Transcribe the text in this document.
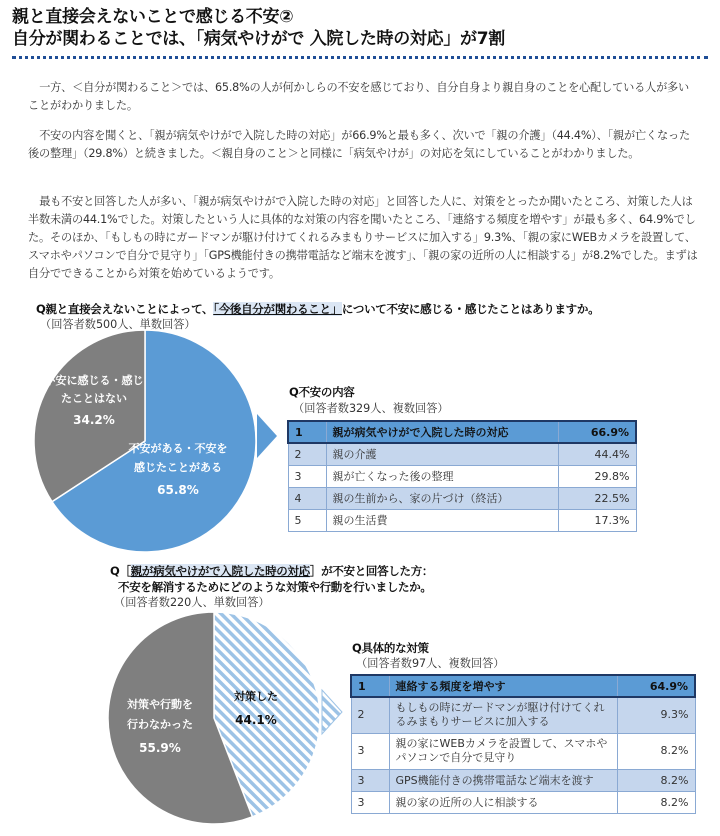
親と直接会えないことで感じる不安②
自分が関わることでは、「病気やけがで 入院した時の対応」が7割

一方、＜自分が関わること＞では、65.8%の人が何かしらの不安を感じており、自分自身より親自身のことを心配している人が多いことがわかりました。

不安の内容を聞くと、「親が病気やけがで入院した時の対応」が66.9%と最も多く、次いで「親の介護」（44.4%）、「親が亡くなった後の整理」（29.8%）と続きました。＜親自身のこと＞と同様に「病気やけが」の対応を気にしていることがわかりました。

最も不安と回答した人が多い、「親が病気やけがで入院した時の対応」と回答した人に、対策をとったか聞いたところ、対策した人は半数未満の44.1%でした。対策したという人に具体的な対策の内容を聞いたところ、「連絡する頻度を増やす」が最も多く、64.9%でした。そのほか、「もしもの時にガードマンが駆け付けてくれるみまもりサービスに加入する」9.3%、「親の家にWEBカメラを設置して、スマホやパソコンで自分で見守り」「GPS機能付きの携帯電話など端末を渡す」、「親の家の近所の人に相談する」が8.2%でした。まずは自分でできることから対策を始めているようです。

Q親と直接会えないことによって、「今後自分が関わること」について不安に感じる・感じたことはありますか。
（回答者数500人、単数回答）
不安がある・不安を
感じたことがある
65.8%
不安に感じる・感じ
たことはない
34.2%
Q不安の内容
（回答者数329人、複数回答）
1	親が病気やけがで入院した時の対応	66.9%
2	親の介護	44.4%
3	親が亡くなった後の整理	29.8%
4	親の生前から、家の片づけ（終活）	22.5%
5	親の生活費	17.3%
Q［親が病気やけがで入院した時の対応］が不安と回答した方：
不安を解消するためにどのような対策や行動を行いましたか。
（回答者数220人、単数回答）
対策した
44.1%
対策や行動を
行わなかった
55.9%
Q具体的な対策
（回答者数97人、複数回答）
1	連絡する頻度を増やす	64.9%
2	もしもの時にガードマンが駆け付けてくれるみまもりサービスに加入する	9.3%
3	親の家にWEBカメラを設置して、スマホやパソコンで自分で見守り	8.2%
3	GPS機能付きの携帯電話など端末を渡す	8.2%
3	親の家の近所の人に相談する	8.2%
